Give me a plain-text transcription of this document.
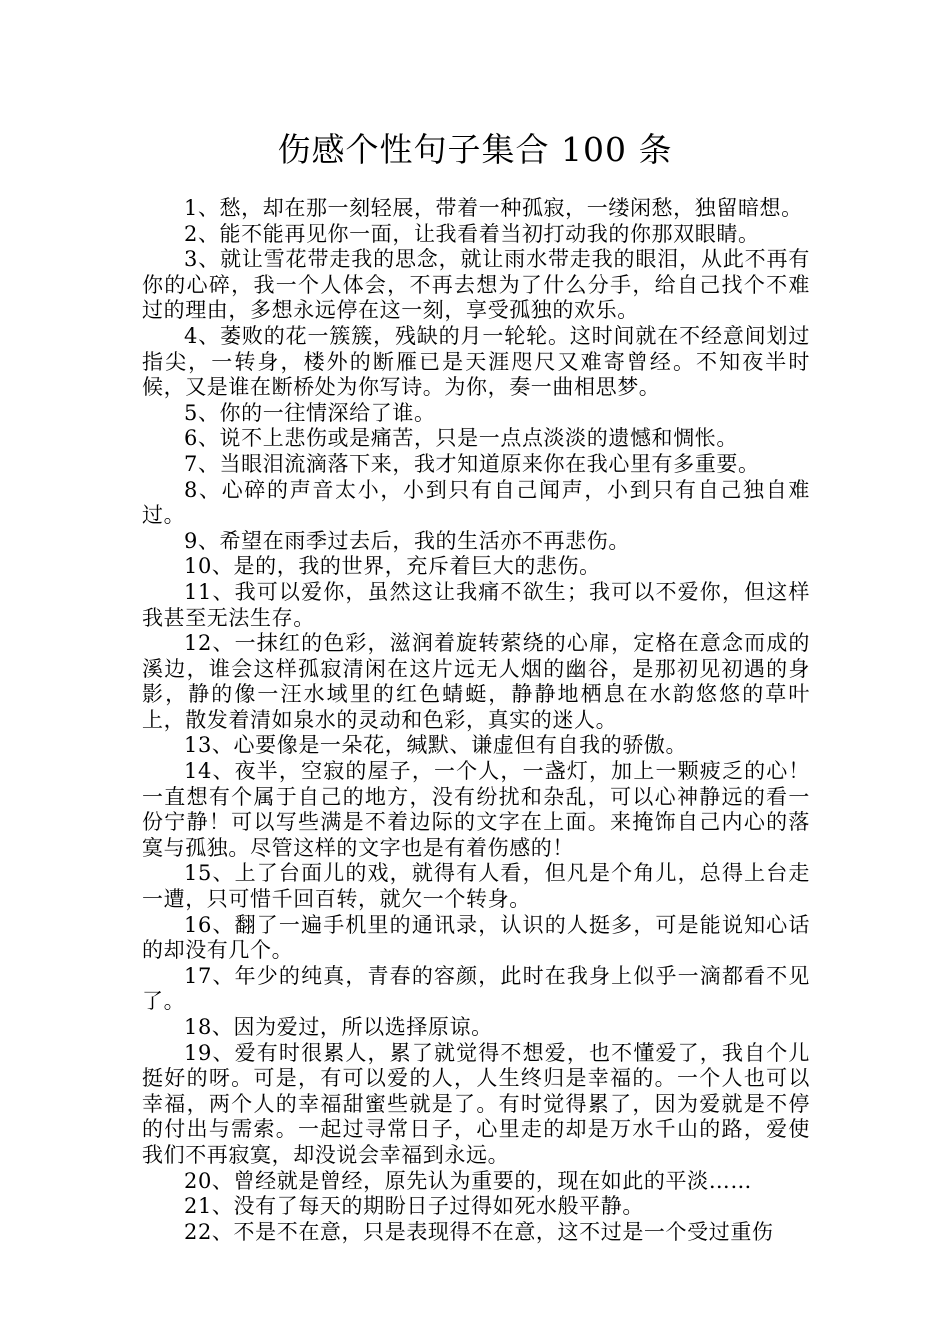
伤感个性句子集合 100 条

1、愁，却在那一刻轻展，带着一种孤寂，一缕闲愁，独留暗想。

2、能不能再见你一面，让我看着当初打动我的你那双眼睛。

3、就让雪花带走我的思念，就让雨水带走我的眼泪，从此不再有你的心碎，我一个人体会，不再去想为了什么分手，给自己找个不难过的理由，多想永远停在这一刻，享受孤独的欢乐。

4、萎败的花一簇簇，残缺的月一轮轮。这时间就在不经意间划过指尖，一转身，楼外的断雁已是天涯咫尺又难寄曾经。不知夜半时候，又是谁在断桥处为你写诗。为你，奏一曲相思梦。

5、你的一往情深给了谁。

6、说不上悲伤或是痛苦，只是一点点淡淡的遗憾和惆怅。

7、当眼泪流滴落下来，我才知道原来你在我心里有多重要。

8、心碎的声音太小，小到只有自己闻声，小到只有自己独自难过。

9、希望在雨季过去后，我的生活亦不再悲伤。

10、是的，我的世界，充斥着巨大的悲伤。

11、我可以爱你，虽然这让我痛不欲生；我可以不爱你，但这样我甚至无法生存。

12、一抹红的色彩，滋润着旋转萦绕的心扉，定格在意念而成的溪边，谁会这样孤寂清闲在这片远无人烟的幽谷，是那初见初遇的身影，静的像一汪水域里的红色蜻蜓，静静地栖息在水韵悠悠的草叶上，散发着清如泉水的灵动和色彩，真实的迷人。

13、心要像是一朵花，缄默、谦虚但有自我的骄傲。

14、夜半，空寂的屋子，一个人，一盏灯，加上一颗疲乏的心！一直想有个属于自己的地方，没有纷扰和杂乱，可以心神静远的看一份宁静！可以写些满是不着边际的文字在上面。来掩饰自己内心的落寞与孤独。尽管这样的文字也是有着伤感的！

15、上了台面儿的戏，就得有人看，但凡是个角儿，总得上台走一遭，只可惜千回百转，就欠一个转身。

16、翻了一遍手机里的通讯录，认识的人挺多，可是能说知心话的却没有几个。

17、年少的纯真，青春的容颜，此时在我身上似乎一滴都看不见了。

18、因为爱过，所以选择原谅。

19、爱有时很累人，累了就觉得不想爱，也不懂爱了，我自个儿挺好的呀。可是，有可以爱的人，人生终归是幸福的。一个人也可以幸福，两个人的幸福甜蜜些就是了。有时觉得累了，因为爱就是不停的付出与需索。一起过寻常日子，心里走的却是万水千山的路，爱使我们不再寂寞，却没说会幸福到永远。

20、曾经就是曾经，原先认为重要的，现在如此的平淡……

21、没有了每天的期盼日子过得如死水般平静。

22、不是不在意，只是表现得不在意，这不过是一个受过重伤
